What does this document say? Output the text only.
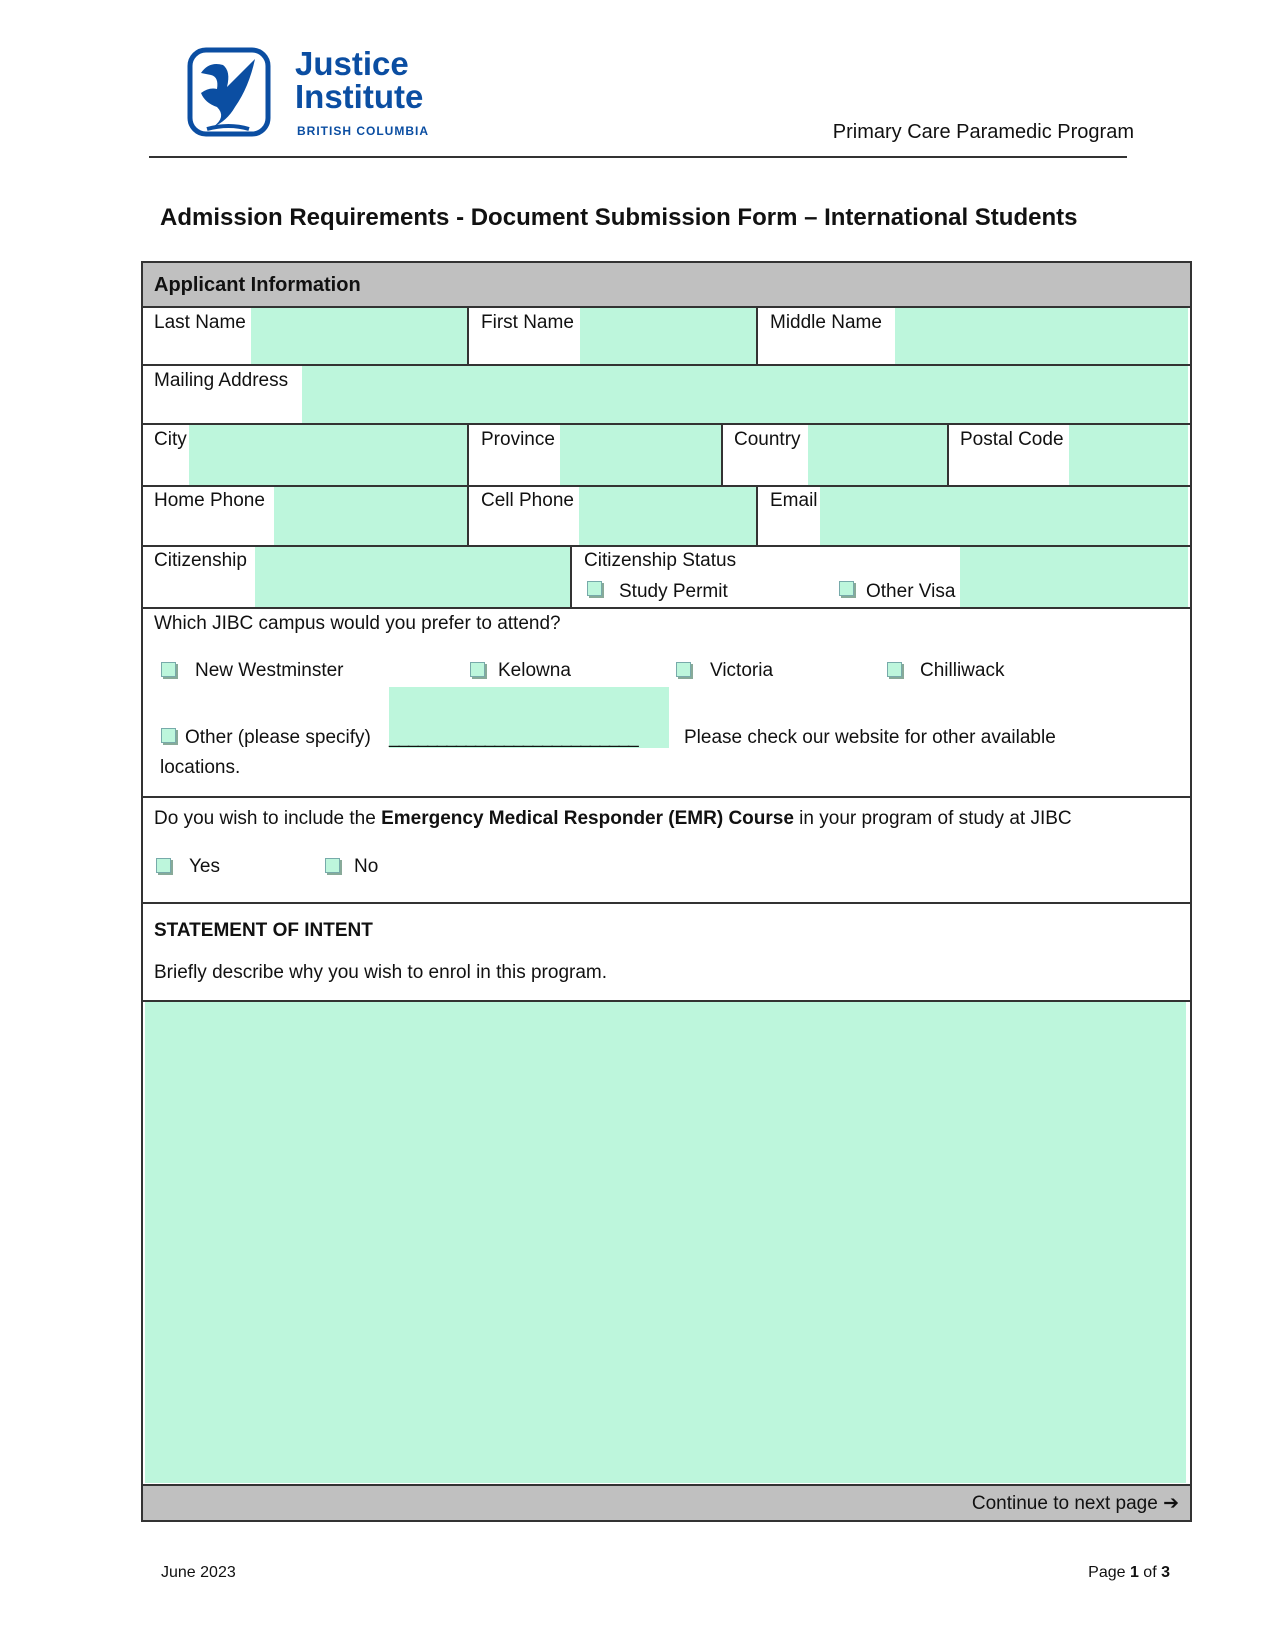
Justice
Institute
BRITISH COLUMBIA	Primary Care Paramedic Program
Admission Requirements - Document Submission Form – International Students
Applicant Information
Last Name	First Name	Middle Name
Mailing Address
City	Province	Country	Postal Code
Home Phone	Cell Phone	Email
Citizenship	Citizenship Status
Study Permit	Other Visa
Which JIBC campus would you prefer to attend?
New Westminster	Kelowna	Victoria	Chilliwack
Other (please specify) __________________________ Please check our website for other available
locations.
Do you wish to include the Emergency Medical Responder (EMR) Course in your program of study at JIBC
Yes	No
STATEMENT OF INTENT
Briefly describe why you wish to enrol in this program.
Continue to next page ➔
June 2023	Page 1 of 3
